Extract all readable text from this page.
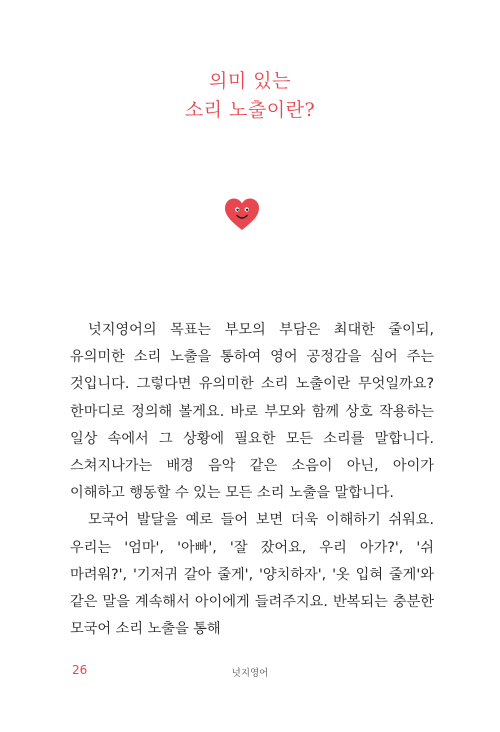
의미 있는
소리 노출이란?

넛지영어의 목표는 부모의 부담은 최대한 줄이되, 유의미한 소리 노출을 통하여 영어 공정감을 심어 주는 것입니다. 그렇다면 유의미한 소리 노출이란 무엇일까요? 한마디로 정의해 볼게요. 바로 부모와 함께 상호 작용하는 일상 속에서 그 상황에 필요한 모든 소리를 말합니다. 스쳐지나가는 배경 음악 같은 소음이 아닌, 아이가 이해하고 행동할 수 있는 모든 소리 노출을 말합니다.

모국어 발달을 예로 들어 보면 더욱 이해하기 쉬워요. 우리는 '엄마', '아빠', '잘 잤어요, 우리 아가?', '쉬 마려워?', '기저귀 갈아 줄게', '양치하자', '옷 입혀 줄게'와 같은 말을 계속해서 아이에게 들려주지요. 반복되는 충분한 모국어 소리 노출을 통해

26	넛지영어
